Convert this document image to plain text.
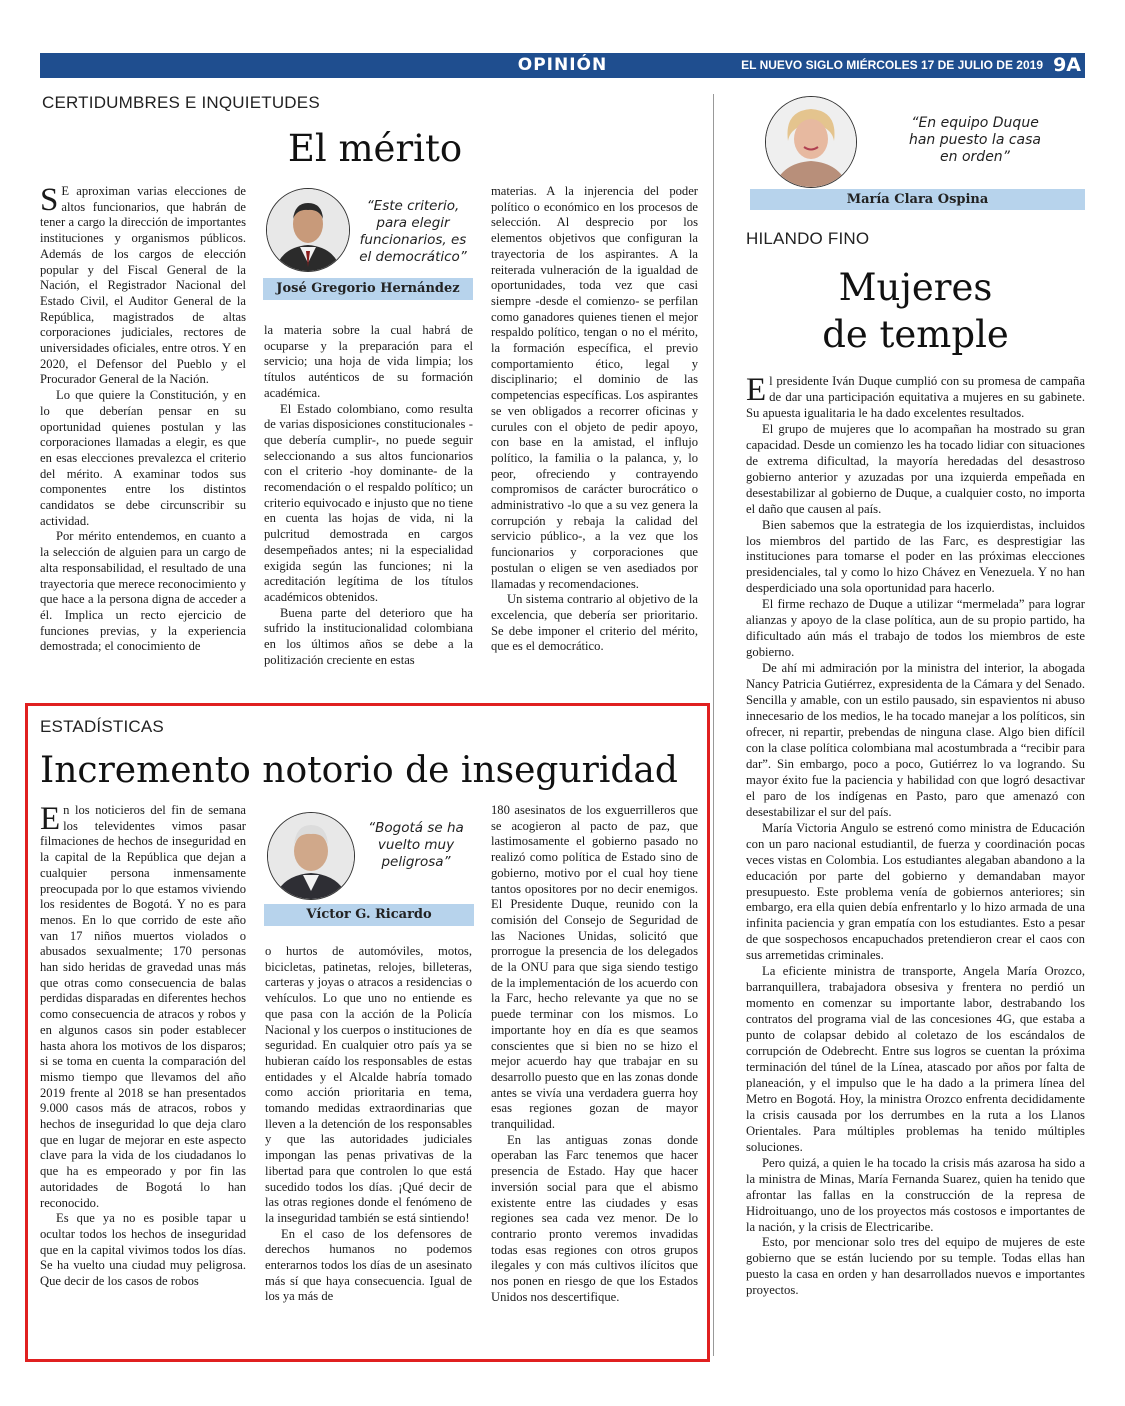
OPINIÓN	EL NUEVO SIGLO MIÉRCOLES 17 DE JULIO DE 2019 9A
CERTIDUMBRES E INQUIETUDES
El mérito

S E aproximan varias elecciones de altos funcionarios, que habrán de tener a cargo la dirección de importantes instituciones y organismos públicos. Además de los cargos de elección popular y del Fiscal General de la Nación, el Registrador Nacional del Estado Civil, el Auditor General de la República, magistrados de altas corporaciones judiciales, rectores de universidades oficiales, entre otros. Y en 2020, el Defensor del Pueblo y el Procurador General de la Nación.

Lo que quiere la Constitución, y en lo que deberían pensar en su oportunidad quienes postulan y las corporaciones llamadas a elegir, es que en esas elecciones prevalezca el criterio del mérito. A examinar todos sus componentes entre los distintos candidatos se debe circunscribir su actividad.

Por mérito entendemos, en cuanto a la selección de alguien para un cargo de alta responsabilidad, el resultado de una trayectoria que merece reconocimiento y que hace a la persona digna de acceder a él. Implica un recto ejercicio de funciones previas, y la experiencia demostrada; el conocimiento de

“Este criterio, para elegir funcionarios, es el democrático”
José Gregorio Hernández

la materia sobre la cual habrá de ocuparse y la preparación para el servicio; una hoja de vida limpia; los títulos auténticos de su formación académica.

El Estado colombiano, como resulta de varias disposiciones constitucionales -que debería cumplir-, no puede seguir seleccionando a sus altos funcionarios con el criterio -hoy dominante- de la recomendación o el respaldo político; un criterio equivocado e injusto que no tiene en cuenta las hojas de vida, ni la pulcritud demostrada en cargos desempeñados antes; ni la especialidad exigida según las funciones; ni la acreditación legítima de los títulos académicos obtenidos.

Buena parte del deterioro que ha sufrido la institucionalidad colombiana en los últimos años se debe a la politización creciente en estas

materias. A la injerencia del poder político o económico en los procesos de selección. Al desprecio por los elementos objetivos que configuran la trayectoria de los aspirantes. A la reiterada vulneración de la igualdad de oportunidades, toda vez que casi siempre -desde el comienzo- se perfilan como ganadores quienes tienen el mejor respaldo político, tengan o no el mérito, la formación específica, el previo comportamiento ético, legal y disciplinario; el dominio de las competencias específicas. Los aspirantes se ven obligados a recorrer oficinas y curules con el objeto de pedir apoyo, con base en la amistad, el influjo político, la familia o la palanca, y, lo peor, ofreciendo y contrayendo compromisos de carácter burocrático o administrativo -lo que a su vez genera la corrupción y rebaja la calidad del servicio público-, a la vez que los funcionarios y corporaciones que postulan o eligen se ven asediados por llamadas y recomendaciones.

Un sistema contrario al objetivo de la excelencia, que debería ser prioritario. Se debe imponer el criterio del mérito, que es el democrático.

ESTADÍSTICAS
Incremento notorio de inseguridad

En los noticieros del fin de semana los televidentes vimos pasar filmaciones de hechos de inseguridad en la capital de la República que dejan a cualquier persona inmensamente preocupada por lo que estamos viviendo los residentes de Bogotá. Y no es para menos. En lo que corrido de este año van 17 niños muertos violados o abusados sexualmente; 170 personas han sido heridas de gravedad unas más que otras como consecuencia de balas perdidas disparadas en diferentes hechos como consecuencia de atracos y robos y en algunos casos sin poder establecer hasta ahora los motivos de los disparos; si se toma en cuenta la comparación del mismo tiempo que llevamos del año 2019 frente al 2018 se han presentados 9.000 casos más de atracos, robos y hechos de inseguridad lo que deja claro que en lugar de mejorar en este aspecto clave para la vida de los ciudadanos lo que ha es empeorado y por fin las autoridades de Bogotá lo han reconocido.

Es que ya no es posible tapar u ocultar todos los hechos de inseguridad que en la capital vivimos todos los días. Se ha vuelto una ciudad muy peligrosa. Que decir de los casos de robos

“Bogotá se ha vuelto muy peligrosa”
Víctor G. Ricardo

o hurtos de automóviles, motos, bicicletas, patinetas, relojes, billeteras, carteras y joyas o atracos a residencias o vehículos. Lo que uno no entiende es que pasa con la acción de la Policía Nacional y los cuerpos o instituciones de seguridad. En cualquier otro país ya se hubieran caído los responsables de estas entidades y el Alcalde habría tomado como acción prioritaria en tema, tomando medidas extraordinarias que lleven a la detención de los responsables y que las autoridades judiciales impongan las penas privativas de la libertad para que controlen lo que está sucedido todos los días. ¡Qué decir de las otras regiones donde el fenómeno de la inseguridad también se está sintiendo!

En el caso de los defensores de derechos humanos no podemos enterarnos todos los días de un asesinato más sí que haya consecuencia. Igual de los ya más de

180 asesinatos de los exguerrilleros que se acogieron al pacto de paz, que lastimosamente el gobierno pasado no realizó como política de Estado sino de gobierno, motivo por el cual hoy tiene tantos opositores por no decir enemigos. El Presidente Duque, reunido con la comisión del Consejo de Seguridad de las Naciones Unidas, solicitó que prorrogue la presencia de los delegados de la ONU para que siga siendo testigo de la implementación de los acuerdo con la Farc, hecho relevante ya que no se puede terminar con los mismos. Lo importante hoy en día es que seamos conscientes que si bien no se hizo el mejor acuerdo hay que trabajar en su desarrollo puesto que en las zonas donde antes se vivía una verdadera guerra hoy esas regiones gozan de mayor tranquilidad.

En las antiguas zonas donde operaban las Farc tenemos que hacer presencia de Estado. Hay que hacer inversión social para que el abismo existente entre las ciudades y esas regiones sea cada vez menor. De lo contrario pronto veremos invadidas todas esas regiones con otros grupos ilegales y con más cultivos ilícitos que nos ponen en riesgo de que los Estados Unidos nos descertifique.

“En equipo Duque han puesto la casa en orden”
María Clara Ospina
HILANDO FINO
Mujeres
de temple

El presidente Iván Duque cumplió con su promesa de campaña de dar una participación equitativa a mujeres en su gabinete. Su apuesta igualitaria le ha dado excelentes resultados.

El grupo de mujeres que lo acompañan ha mostrado su gran capacidad. Desde un comienzo les ha tocado lidiar con situaciones de extrema dificultad, la mayoría heredadas del desastroso gobierno anterior y azuzadas por una izquierda empeñada en desestabilizar al gobierno de Duque, a cualquier costo, no importa el daño que causen al país.

Bien sabemos que la estrategia de los izquierdistas, incluidos los miembros del partido de las Farc, es desprestigiar las instituciones para tomarse el poder en las próximas elecciones presidenciales, tal y como lo hizo Chávez en Venezuela. Y no han desperdiciado una sola oportunidad para hacerlo.

El firme rechazo de Duque a utilizar “mermelada” para lograr alianzas y apoyo de la clase política, aun de su propio partido, ha dificultado aún más el trabajo de todos los miembros de este gobierno.

De ahí mi admiración por la ministra del interior, la abogada Nancy Patricia Gutiérrez, expresidenta de la Cámara y del Senado. Sencilla y amable, con un estilo pausado, sin espavientos ni abuso innecesario de los medios, le ha tocado manejar a los políticos, sin ofrecer, ni repartir, prebendas de ninguna clase. Algo bien difícil con la clase política colombiana mal acostumbrada a “recibir para dar”. Sin embargo, poco a poco, Gutiérrez lo va logrando. Su mayor éxito fue la paciencia y habilidad con que logró desactivar el paro de los indígenas en Pasto, paro que amenazó con desestabilizar el sur del país.

María Victoria Angulo se estrenó como ministra de Educación con un paro nacional estudiantil, de fuerza y coordinación pocas veces vistas en Colombia. Los estudiantes alegaban abandono a la educación por parte del gobierno y demandaban mayor presupuesto. Este problema venía de gobiernos anteriores; sin embargo, era ella quien debía enfrentarlo y lo hizo armada de una infinita paciencia y gran empatía con los estudiantes. Esto a pesar de que sospechosos encapuchados pretendieron crear el caos con sus arremetidas criminales.

La eficiente ministra de transporte, Angela María Orozco, barranquillera, trabajadora obsesiva y frentera no perdió un momento en comenzar su importante labor, destrabando los contratos del programa vial de las concesiones 4G, que estaba a punto de colapsar debido al coletazo de los escándalos de corrupción de Odebrecht. Entre sus logros se cuentan la próxima terminación del túnel de la Línea, atascado por años por falta de planeación, y el impulso que le ha dado a la primera línea del Metro en Bogotá. Hoy, la ministra Orozco enfrenta decididamente la crisis causada por los derrumbes en la ruta a los Llanos Orientales. Para múltiples problemas ha tenido múltiples soluciones.

Pero quizá, a quien le ha tocado la crisis más azarosa ha sido a la ministra de Minas, María Fernanda Suarez, quien ha tenido que afrontar las fallas en la construcción de la represa de Hidroituango, uno de los proyectos más costosos e importantes de la nación, y la crisis de Electricaribe.

Esto, por mencionar solo tres del equipo de mujeres de este gobierno que se están luciendo por su temple. Todas ellas han puesto la casa en orden y han desarrollados nuevos e importantes proyectos.
